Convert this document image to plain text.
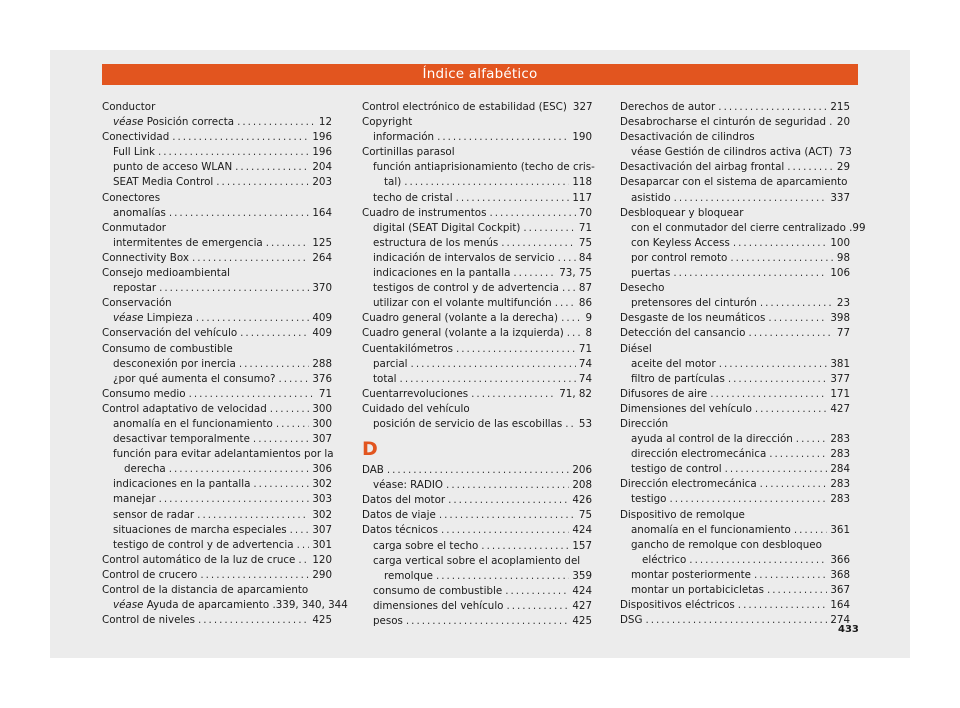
Índice alfabético
Conductor
véase Posición correcta .....	12
Conectividad .....	196
Full Link .....	196
punto de acceso WLAN .....	204
SEAT Media Control .....	203
Conectores
anomalías .....	164
Conmutador
intermitentes de emergencia .....	125
Connectivity Box .....	264
Consejo medioambiental
repostar .....	370
Conservación
véase Limpieza .....	409
Conservación del vehículo .....	409
Consumo de combustible
desconexión por inercia .....	288
¿por qué aumenta el consumo? .....	376
Consumo medio .....	71
Control adaptativo de velocidad .....	300
anomalía en el funcionamiento .....	300
desactivar temporalmente .....	307
función para evitar adelantamientos por la
derecha .....	306
indicaciones en la pantalla .....	302
manejar .....	303
sensor de radar .....	302
situaciones de marcha especiales ..... 307
testigo de control y de advertencia ..... 301
Control automático de la luz de cruce ..... 120
Control de crucero .....	290
Control de la distancia de aparcamiento
véase Ayuda de aparcamiento . 339, 340, 344
Control de niveles .....	425
Control electrónico de estabilidad (ESC) 327
Copyright
información .....	190
Cortinillas parasol
función antiaprisionamiento (techo de cris-
tal) .....	118
techo de cristal .....	117
Cuadro de instrumentos .....	70
digital (SEAT Digital Cockpit) .....	71
estructura de los menús .....	75
indicación de intervalos de servicio ..... 84
indicaciones en la pantalla .....	73, 75
testigos de control y de advertencia ..... 87
utilizar con el volante multifunción .....	86
Cuadro general (volante a la derecha) .....	9
Cuadro general (volante a la izquierda) ..... 8
Cuentakilómetros .....	71
parcial .....	74
total .....	74
Cuentarrevoluciones .....	71, 82
Cuidado del vehículo
posición de servicio de las escobillas ..... 53
D
DAB .....	206
véase: RADIO .....	208
Datos del motor .....	426
Datos de viaje .....	75
Datos técnicos .....	424
carga sobre el techo .....	157
carga vertical sobre el acoplamiento del
remolque .....	359
consumo de combustible .....	424
dimensiones del vehículo .....	427
pesos .....	425
Derechos de autor .....	215
Desabrocharse el cinturón de seguridad ..... 20
Desactivación de cilindros
véase Gestión de cilindros activa (ACT) 73
Desactivación del airbag frontal .....	29
Desaparcar con el sistema de aparcamiento
asistido .....	337
Desbloquear y bloquear
con el conmutador del cierre centralizado . 99
con Keyless Access .....	100
por control remoto .....	98
puertas .....	106
Desecho
pretensores del cinturón .....	23
Desgaste de los neumáticos .....	398
Detección del cansancio .....	77
Diésel
aceite del motor .....	381
filtro de partículas .....	377
Difusores de aire .....	171
Dimensiones del vehículo .....	427
Dirección
ayuda al control de la dirección .....	283
dirección electromecánica .....	283
testigo de control .....	284
Dirección electromecánica .....	283
testigo .....	283
Dispositivo de remolque
anomalía en el funcionamiento .....	361
gancho de remolque con desbloqueo
eléctrico .....	366
montar posteriormente .....	368
montar un portabicicletas .....	367
Dispositivos eléctricos .....	164
DSG .....	274
433
